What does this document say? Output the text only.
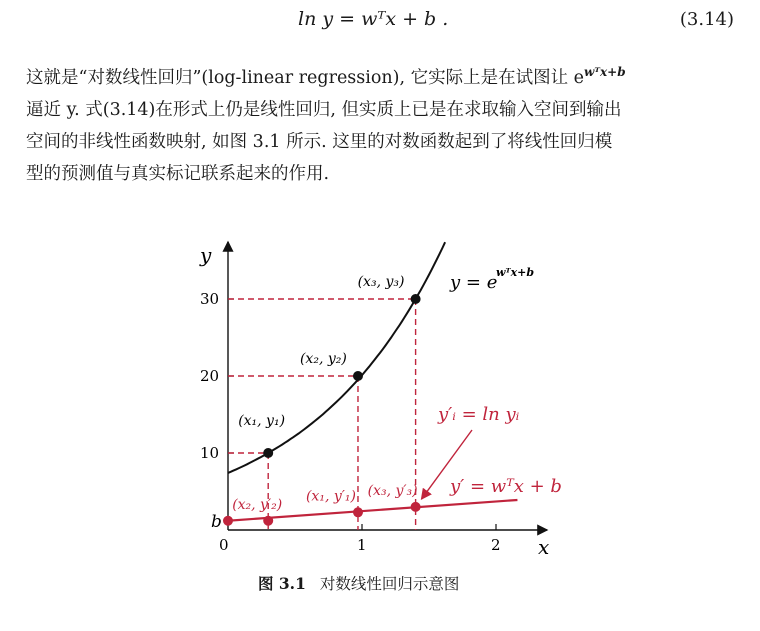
ln y = wᵀx + b .	(3.14)
这就是“对数线性回归”(log-linear regression), 它实际上是在试图让 $e^{wᵀx+b}$
逼近 y. 式(3.14)在形式上仍是线性回归, 但实质上已是在求取输入空间到输出
空间的非线性函数映射, 如图 3.1 所示. 这里的对数函数起到了将线性回归模
型的预测值与真实标记联系起来的作用.
x
y
0	1	2
10
20
30
b
(x₁, y₁)
(x₂, y₂)
(x₃, y₃)
(x₂, y′₂)
(x₁, y′₁) (x₃, y′₃)
y = e
wᵀx+b
y′ = wᵀx + b
y′ᵢ = ln yᵢ
图 3.1 对数线性回归示意图
